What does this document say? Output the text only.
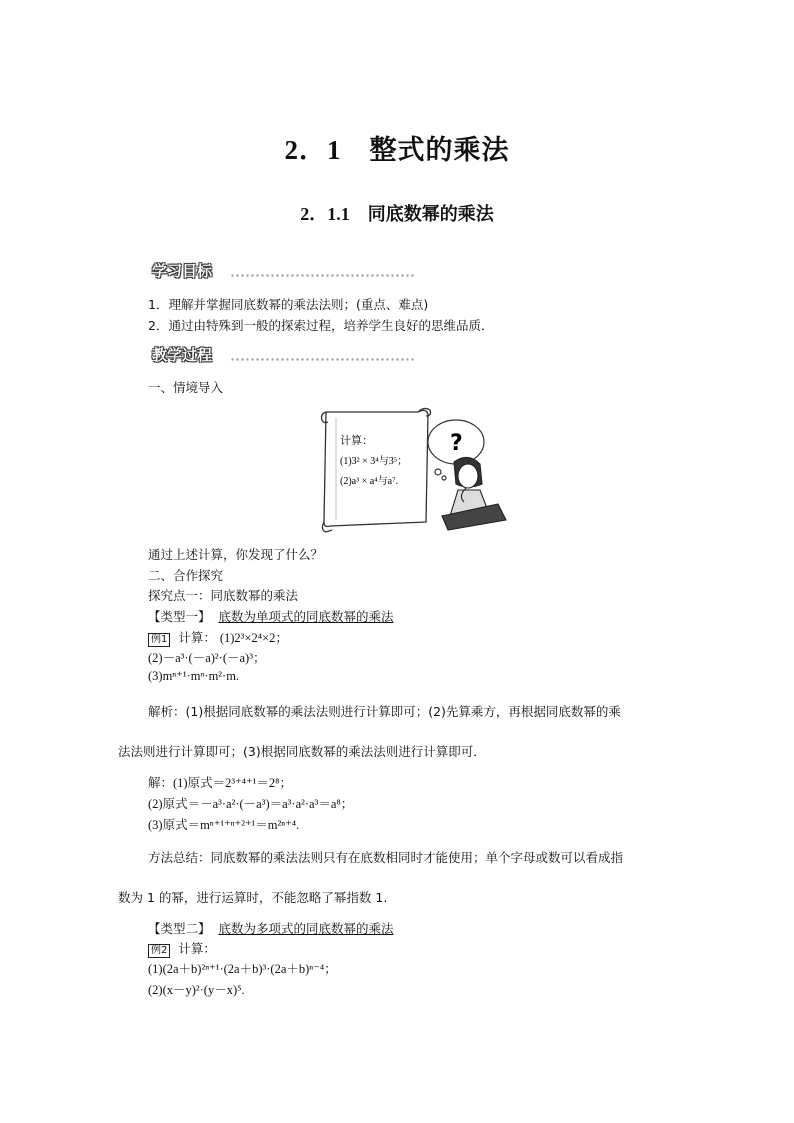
2．1　整式的乘法
2．1.1　同底数幂的乘法
学习目标
1．理解并掌握同底数幂的乘法法则；(重点、难点)
2．通过由特殊到一般的探索过程，培养学生良好的思维品质．
教学过程
一、情境导入
计算：
(1)3² × 3⁴与3⁵；
(2)a³ × a⁴与a⁷.
?
通过上述计算，你发现了什么？
二、合作探究
探究点一：同底数幂的乘法
【类型一】 底数为单项式的同底数幂的乘法
例1 计算： (1)2³×2⁴×2；
(2)－a³·(－a)²·(－a)³；
(3)mⁿ⁺¹·mⁿ·m²·m.
解析：(1)根据同底数幂的乘法法则进行计算即可；(2)先算乘方，再根据同底数幂的乘
法法则进行计算即可；(3)根据同底数幂的乘法法则进行计算即可．
解：(1)原式＝2³⁺⁴⁺¹＝2⁸；
(2)原式＝－a³·a²·(－a³)＝a³·a²·a³＝a⁸；
(3)原式＝mⁿ⁺¹⁺ⁿ⁺²⁺¹＝m²ⁿ⁺⁴.
方法总结：同底数幂的乘法法则只有在底数相同时才能使用；单个字母或数可以看成指
数为 1 的幂，进行运算时，不能忽略了幂指数 1.
【类型二】 底数为多项式的同底数幂的乘法
例2 计算：
(1)(2a＋b)²ⁿ⁺¹·(2a＋b)³·(2a＋b)ⁿ⁻⁴；
(2)(x－y)²·(y－x)⁵.
